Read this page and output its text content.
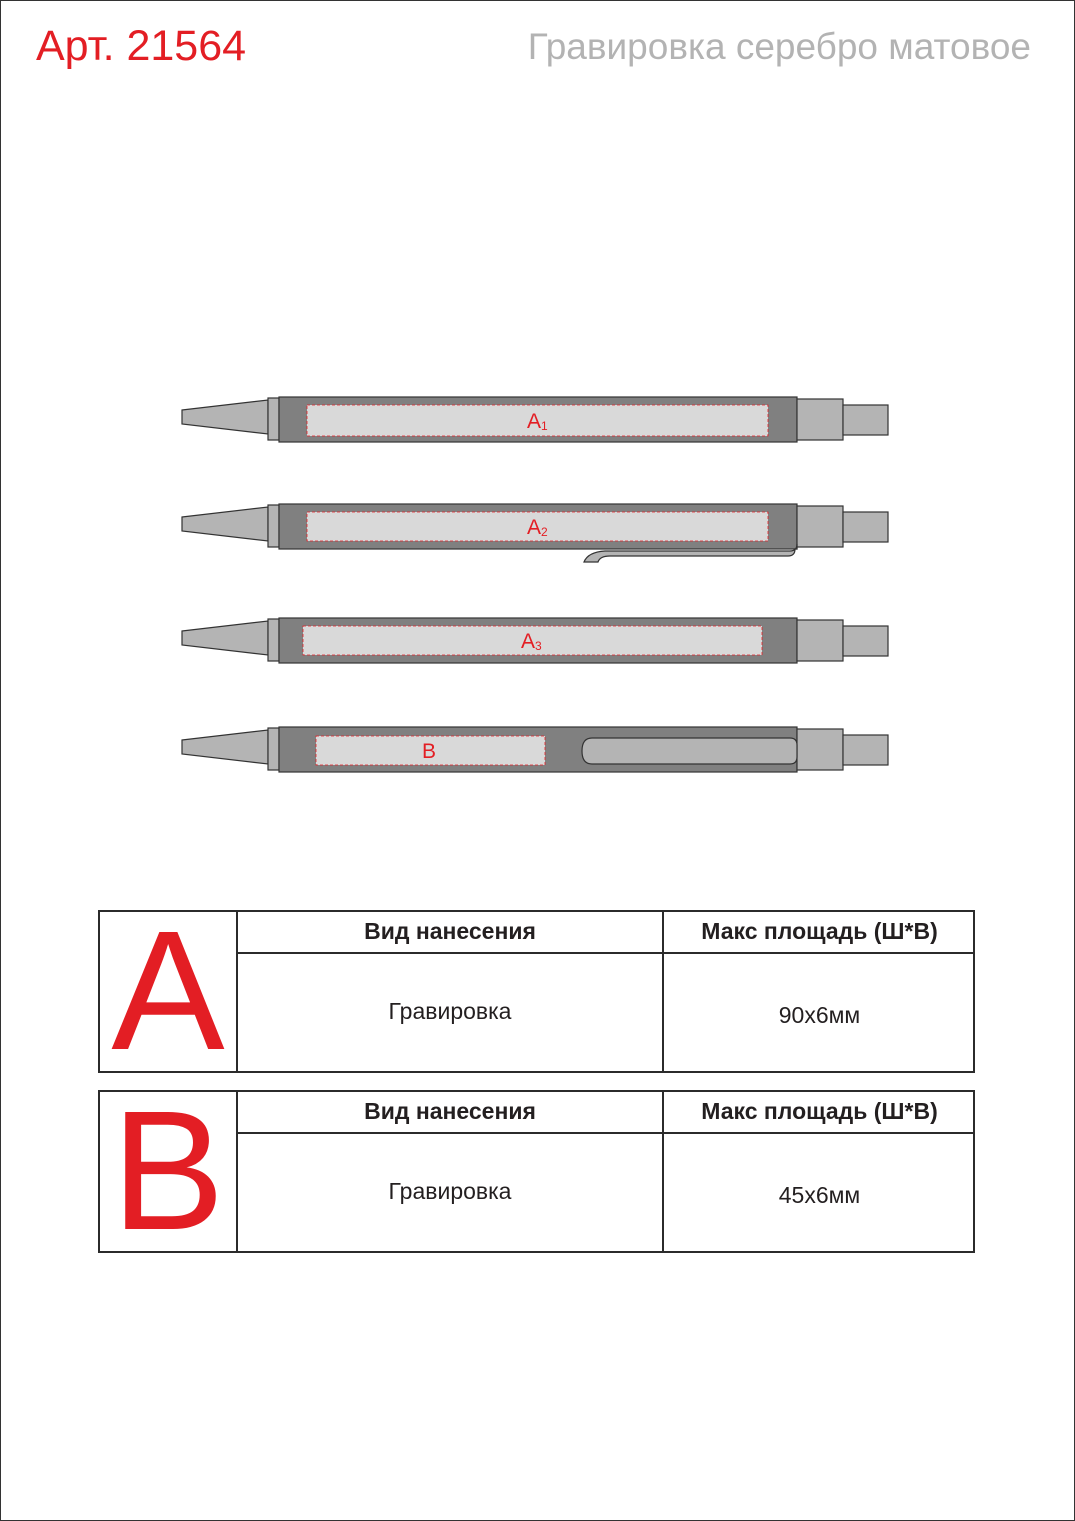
Арт. 21564	Гравировка серебро матовое
A1
A2
A3
B
A	Вид нанесения	Макс площадь (Ш*В)
Гравировка	90х6мм
B	Вид нанесения	Макс площадь (Ш*В)
Гравировка	45х6мм
